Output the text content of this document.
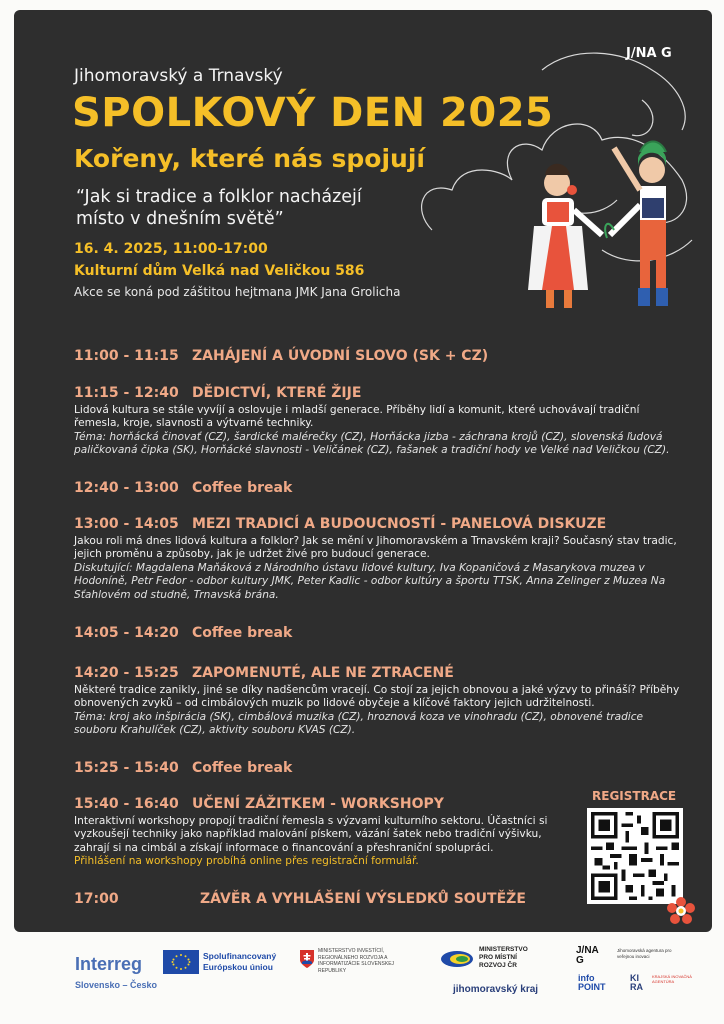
J/NA G
Jihomoravský a Trnavský
SPOLKOVÝ DEN 2025
Kořeny, které nás spojují
“Jak si tradice a folklor nacházejí místo v dnešním světě”
16. 4. 2025, 11:00-17:00
Kulturní dům Velká nad Veličkou 586
Akce se koná pod záštitou hejtmana JMK Jana Grolicha
11:00 - 11:15 ZAHÁJENÍ A ÚVODNÍ SLOVO (SK + CZ)
11:15 - 12:40 DĚDICTVÍ, KTERÉ ŽIJE
Lidová kultura se stále vyvíjí a oslovuje i mladší generace. Příběhy lidí a komunit, které uchovávají tradiční řemesla, kroje, slavnosti a výtvarné techniky.
Téma: horňácká činovať (CZ), šardické malérečky (CZ), Horňácka jizba - záchrana krojů (CZ), slovenská ľudová paličkovaná čipka (SK), Horňácké slavnosti - Veličánek (CZ), fašanek a tradiční hody ve Velké nad Veličkou (CZ).
12:40 - 13:00 Coffee break
13:00 - 14:05 MEZI TRADICÍ A BUDOUCNOSTÍ - PANELOVÁ DISKUZE
Jakou roli má dnes lidová kultura a folklor? Jak se mění v Jihomoravském a Trnavském kraji? Současný stav tradic, jejich proměnu a způsoby, jak je udržet živé pro budoucí generace.
Diskutující: Magdalena Maňáková z Národního ústavu lidové kultury, Iva Kopaničová z Masarykova muzea v Hodoníně, Petr Fedor - odbor kultury JMK, Peter Kadlic - odbor kultúry a športu TTSK, Anna Zelinger z Muzea Na Sťahlovém od studně, Trnavská brána.
14:05 - 14:20 Coffee break
14:20 - 15:25 ZAPOMENUTÉ, ALE NE ZTRACENÉ
Některé tradice zanikly, jiné se díky nadšencům vracejí. Co stojí za jejich obnovou a jaké výzvy to přináší? Příběhy obnovených zvyků – od cimbálových muzik po lidové obyčeje a klíčové faktory jejich udržitelnosti.
Téma: kroj ako inšpirácia (SK), cimbálová muzika (CZ), hroznová koza ve vinohradu (CZ), obnovené tradice souboru Krahulíček (CZ), aktivity souboru KVAS (CZ).
15:25 - 15:40 Coffee break
15:40 - 16:40 UČENÍ ZÁŽITKEM - WORKSHOPY
Interaktivní workshopy propojí tradiční řemesla s výzvami kulturního sektoru. Účastníci si vyzkoušejí techniky jako například malování pískem, vázání šatek nebo tradiční výšivku, zahrají si na cimbál a získají informace o financování a přeshraniční spolupráci.
Přihlášení na workshopy probíhá online přes registrační formulář.
17:00	ZÁVĚR A VYHLÁŠENÍ VÝSLEDKŮ SOUTĚŽE
REGISTRACE
Interreg
Slovensko – Česko
Spolufinancovaný Európskou úniou
MINISTERSTVO INVESTÍCIÍ, REGIONÁLNEHO ROZVOJA A INFORMATIZÁCIE SLOVENSKEJ REPUBLIKY
MINISTERSTVO PRO MÍSTNÍ ROZVOJ ČR
jihomoravský kraj
J/NA G
Jihomoravská agentura pro veřejnou inovaci
info POINT
KI RA
KRAJSKÁ INOVAČNÁ AGENTÚRA
